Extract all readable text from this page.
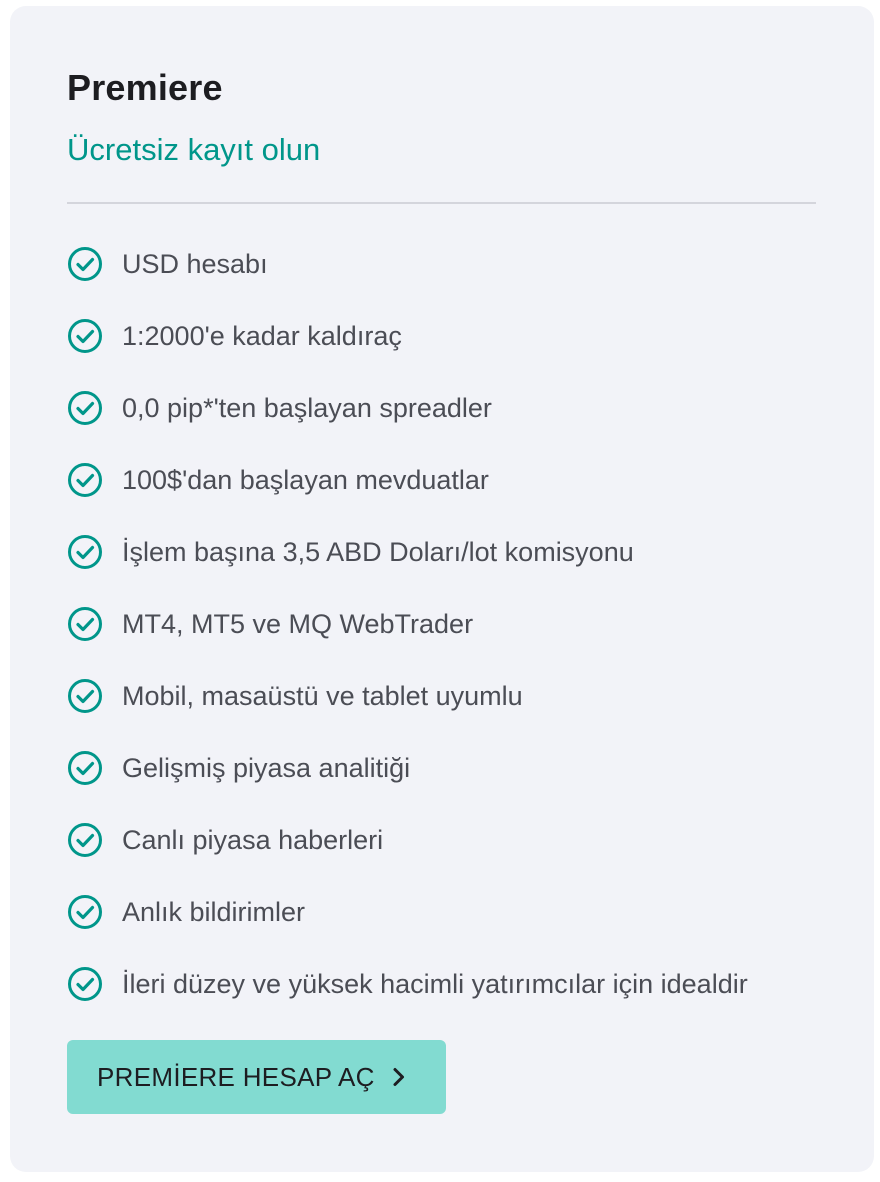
Premiere
Ücretsiz kayıt olun
USD hesabı
1:2000'e kadar kaldıraç
0,0 pip*'ten başlayan spreadler
100$'dan başlayan mevduatlar
İşlem başına 3,5 ABD Doları/lot komisyonu
MT4, MT5 ve MQ WebTrader
Mobil, masaüstü ve tablet uyumlu
Gelişmiş piyasa analitiği
Canlı piyasa haberleri
Anlık bildirimler
İleri düzey ve yüksek hacimli yatırımcılar için idealdir
PREMİERE HESAP AÇ
